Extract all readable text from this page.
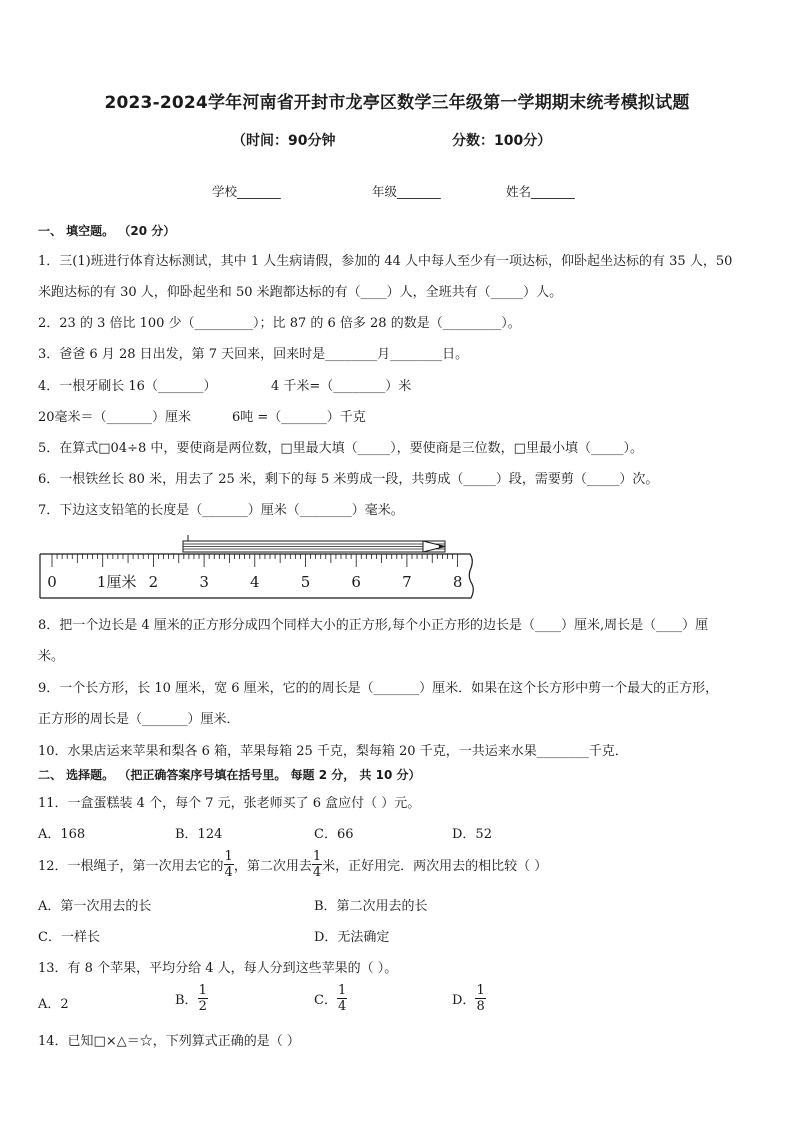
2023-2024学年河南省开封市龙亭区数学三年级第一学期期末统考模拟试题
（时间：90分钟	分数：100分）
学校_______	年级_______	姓名_______
一、 填空题。 （20 分）
1．三(1)班进行体育达标测试，其中 1 人生病请假，参加的 44 人中每人至少有一项达标，仰卧起坐达标的有 35 人，50
米跑达标的有 30 人，仰卧起坐和 50 米跑都达标的有（____）人，全班共有（_____）人。
2．23 的 3 倍比 100 少（_________）；比 87 的 6 倍多 28 的数是（_________）。
3．爸爸 6 月 28 日出发，第 7 天回来，回来时是________月________日。
4．一根牙刷长 16（_______）	4 千米=（________）米
20毫米＝（_______）厘米	6吨 =（_______）千克
5．在算式□04÷8 中，要使商是两位数，□里最大填（_____），要使商是三位数，□里最小填（_____）。
6．一根铁丝长 80 米，用去了 25 米，剩下的每 5 米剪成一段，共剪成（_____）段，需要剪（_____）次。
7．下边这支铅笔的长度是（_______）厘米（________）毫米。
0	1厘米 2	3	4	5	6	7	8
8．把一个边长是 4 厘米的正方形分成四个同样大小的正方形,每个小正方形的边长是（____）厘米,周长是（____）厘
米。
9．一个长方形，长 10 厘米，宽 6 厘米，它的的周长是（_______）厘米．如果在这个长方形中剪一个最大的正方形，
正方形的周长是（_______）厘米．
10．水果店运来苹果和梨各 6 箱，苹果每箱 25 千克，梨每箱 20 千克，一共运来水果________千克．
二、 选择题。 （把正确答案序号填在括号里。 每题 2 分， 共 10 分）
11．一盒蛋糕装 4 个，每个 7 元，张老师买了 6 盒应付（ ）元。
A．168	B．124	C．66	D．52
12．一根绳子，第一次用去它的 $\frac{1}{4}$ ，第二次用去 $\frac{1}{4}$ 米，正好用完．两次用去的相比较（ ）
A．第一次用去的长	B．第二次用去的长
C．一样长	D．无法确定
13．有 8 个苹果，平均分给 4 人，每人分到这些苹果的（ ）。
A．2	B． $\frac{1}{2}$	C． $\frac{1}{4}$	D． $\frac{1}{8}$
14．已知□×△＝☆，下列算式正确的是（ ）
